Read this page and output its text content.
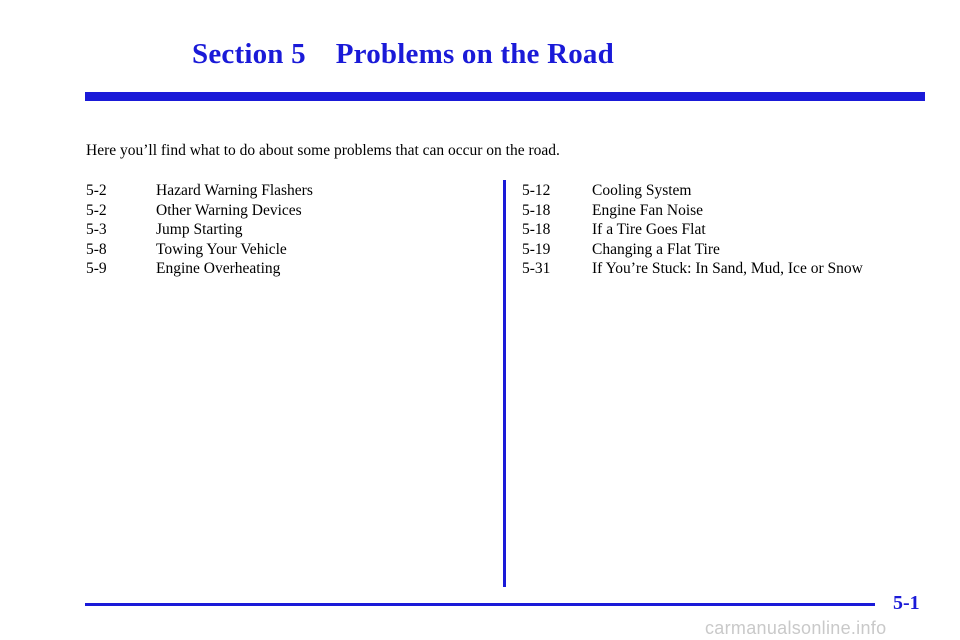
Section 5 Problems on the Road
Here you’ll find what to do about some problems that can occur on the road.
5-2	Hazard Warning Flashers
5-2	Other Warning Devices
5-3	Jump Starting
5-8	Towing Your Vehicle
5-9	Engine Overheating
5-12	Cooling System
5-18	Engine Fan Noise
5-18	If a Tire Goes Flat
5-19	Changing a Flat Tire
5-31	If You’re Stuck: In Sand, Mud, Ice or Snow
5-1
carmanualsonline.info
